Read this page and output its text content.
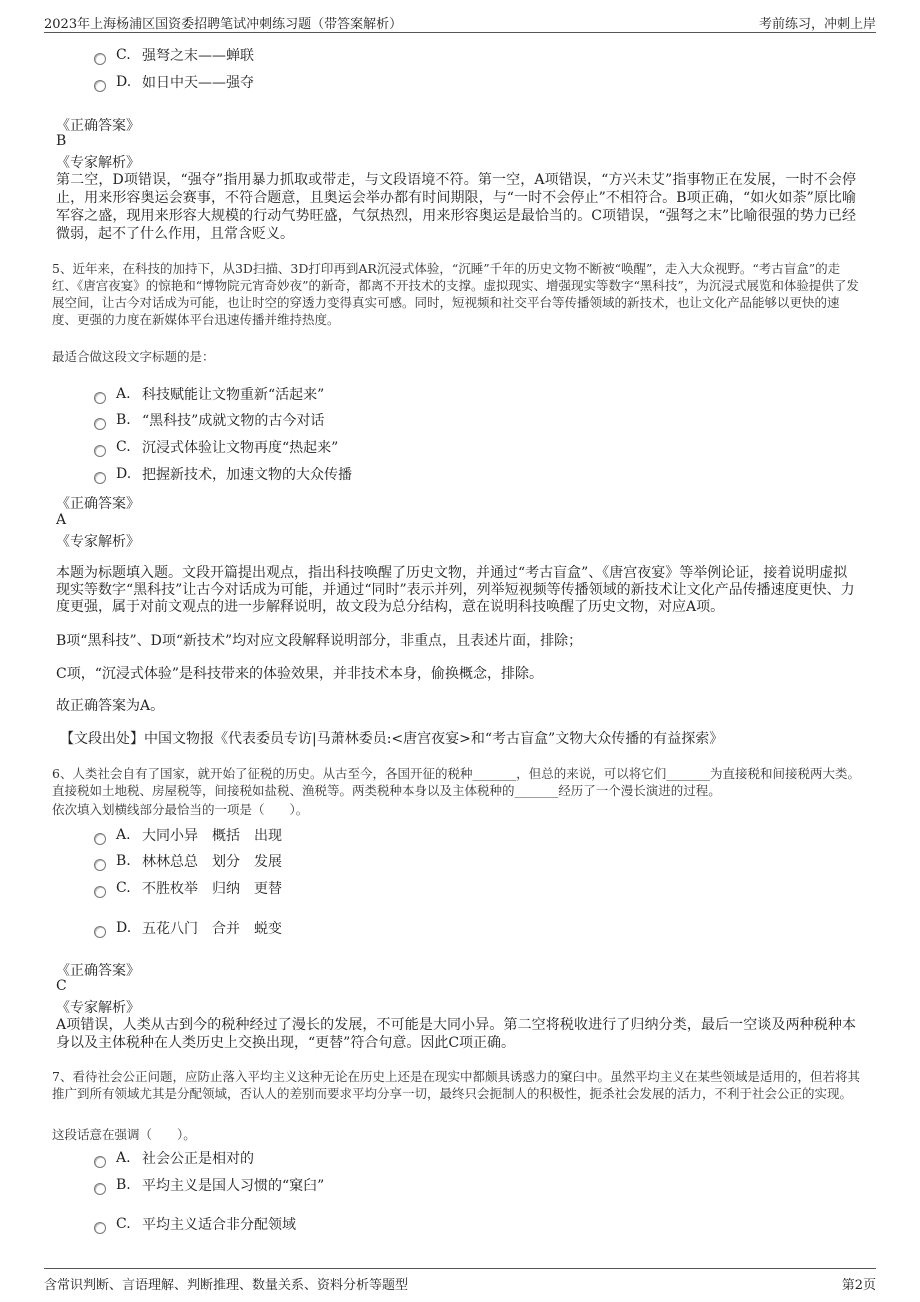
2023年上海杨浦区国资委招聘笔试冲刺练习题（带答案解析）	考前练习，冲刺上岸
C. 强弩之末——蝉联
D. 如日中天——强夺
《正确答案》
B
《专家解析》
第二空，D项错误，“强夺”指用暴力抓取或带走，与文段语境不符。第一空，A项错误，“方兴未艾”指事物正在发展，一时不会停止，用来形容奥运会赛事，不符合题意，且奥运会举办都有时间期限，与“一时不会停止”不相符合。B项正确，“如火如荼”原比喻军容之盛，现用来形容大规模的行动气势旺盛，气氛热烈，用来形容奥运是最恰当的。C项错误，“强弩之末”比喻很强的势力已经微弱，起不了什么作用，且常含贬义。
5、近年来，在科技的加持下，从3D扫描、3D打印再到AR沉浸式体验，“沉睡”千年的历史文物不断被“唤醒”，走入大众视野。“考古盲盒”的走红、《唐宫夜宴》的惊艳和“博物院元宵奇妙夜”的新奇，都离不开技术的支撑。虚拟现实、增强现实等数字“黑科技”，为沉浸式展览和体验提供了发展空间，让古今对话成为可能，也让时空的穿透力变得真实可感。同时，短视频和社交平台等传播领域的新技术，也让文化产品能够以更快的速度、更强的力度在新媒体平台迅速传播并维持热度。
最适合做这段文字标题的是：
A. 科技赋能让文物重新“活起来”
B. “黑科技”成就文物的古今对话
C. 沉浸式体验让文物再度“热起来”
D. 把握新技术，加速文物的大众传播
《正确答案》
A
《专家解析》
本题为标题填入题。文段开篇提出观点，指出科技唤醒了历史文物，并通过“考古盲盒”、《唐宫夜宴》等举例论证，接着说明虚拟现实等数字“黑科技”让古今对话成为可能，并通过“同时”表示并列，列举短视频等传播领域的新技术让文化产品传播速度更快、力度更强，属于对前文观点的进一步解释说明，故文段为总分结构，意在说明科技唤醒了历史文物，对应A项。
B项“黑科技”、D项“新技术”均对应文段解释说明部分，非重点，且表述片面，排除；
C项，“沉浸式体验”是科技带来的体验效果，并非技术本身，偷换概念，排除。
故正确答案为A。
【文段出处】中国文物报《代表委员专访|马萧林委员:<唐宫夜宴>和“考古盲盒”文物大众传播的有益探索》
6、人类社会自有了国家，就开始了征税的历史。从古至今，各国开征的税种_______，但总的来说，可以将它们_______为直接税和间接税两大类。直接税如土地税、房屋税等，间接税如盐税、渔税等。两类税种本身以及主体税种的_______经历了一个漫长演进的过程。
依次填入划横线部分最恰当的一项是（　　）。
A. 大同小异　概括　出现
B. 林林总总　划分　发展
C. 不胜枚举　归纳　更替
D. 五花八门　合并　蜕变
《正确答案》
C
《专家解析》
A项错误，人类从古到今的税种经过了漫长的发展，不可能是大同小异。第二空将税收进行了归纳分类，最后一空谈及两种税种本身以及主体税种在人类历史上交换出现，“更替”符合句意。因此C项正确。
7、看待社会公正问题，应防止落入平均主义这种无论在历史上还是在现实中都颇具诱惑力的窠臼中。虽然平均主义在某些领域是适用的，但若将其推广到所有领域尤其是分配领域，否认人的差别而要求平均分享一切，最终只会扼制人的积极性，扼杀社会发展的活力，不利于社会公正的实现。
这段话意在强调（　　）。
A. 社会公正是相对的
B. 平均主义是国人习惯的“窠臼”
C. 平均主义适合非分配领域
含常识判断、言语理解、判断推理、数量关系、资料分析等题型	第2页
